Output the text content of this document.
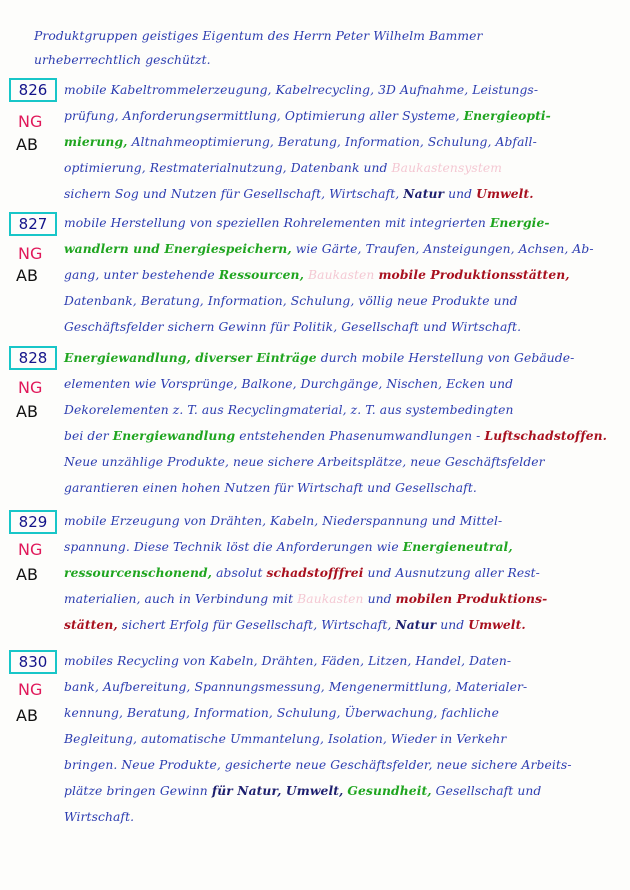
Produktgruppen geistiges Eigentum des Herrn Peter Wilhelm Bammer
urheberrechtlich geschützt.
826
NG
AB
mobile Kabeltrommelerzeugung, Kabelrecycling, 3D Aufnahme, Leistungs-
prüfung, Anforderungsermittlung, Optimierung aller Systeme, Energieopti-
mierung, Altnahmeoptimierung, Beratung, Information, Schulung, Abfall-
optimierung, Restmaterialnutzung, Datenbank und Baukastensystem
sichern Sog und Nutzen für Gesellschaft, Wirtschaft, Natur und Umwelt.
827
NG
AB
mobile Herstellung von speziellen Rohrelementen mit integrierten Energie-
wandlern und Energiespeichern, wie Gärte, Traufen, Ansteigungen, Achsen, Ab-
gang, unter bestehende Ressourcen, Baukasten mobile Produktionsstätten,
Datenbank, Beratung, Information, Schulung, völlig neue Produkte und
Geschäftsfelder sichern Gewinn für Politik, Gesellschaft und Wirtschaft.
828
NG
AB
Energiewandlung, diverser Einträge durch mobile Herstellung von Gebäude-
elementen wie Vorsprünge, Balkone, Durchgänge, Nischen, Ecken und
Dekorelementen z. T. aus Recyclingmaterial, z. T. aus systembedingten
bei der Energiewandlung entstehenden Phasenumwandlungen - Luftschadstoffen.
Neue unzählige Produkte, neue sichere Arbeitsplätze, neue Geschäftsfelder
garantieren einen hohen Nutzen für Wirtschaft und Gesellschaft.
829
NG
AB
mobile Erzeugung von Drähten, Kabeln, Niederspannung und Mittel-
spannung. Diese Technik löst die Anforderungen wie Energieneutral,
ressourcenschonend, absolut schadstofffrei und Ausnutzung aller Rest-
materialien, auch in Verbindung mit Baukasten und mobilen Produktions-
stätten, sichert Erfolg für Gesellschaft, Wirtschaft, Natur und Umwelt.
830
NG
AB
mobiles Recycling von Kabeln, Drähten, Fäden, Litzen, Handel, Daten-
bank, Aufbereitung, Spannungsmessung, Mengenermittlung, Materialer-
kennung, Beratung, Information, Schulung, Überwachung, fachliche
Begleitung, automatische Ummantelung, Isolation, Wieder in Verkehr
bringen. Neue Produkte, gesicherte neue Geschäftsfelder, neue sichere Arbeits-
plätze bringen Gewinn für Natur, Umwelt, Gesundheit, Gesellschaft und
Wirtschaft.
